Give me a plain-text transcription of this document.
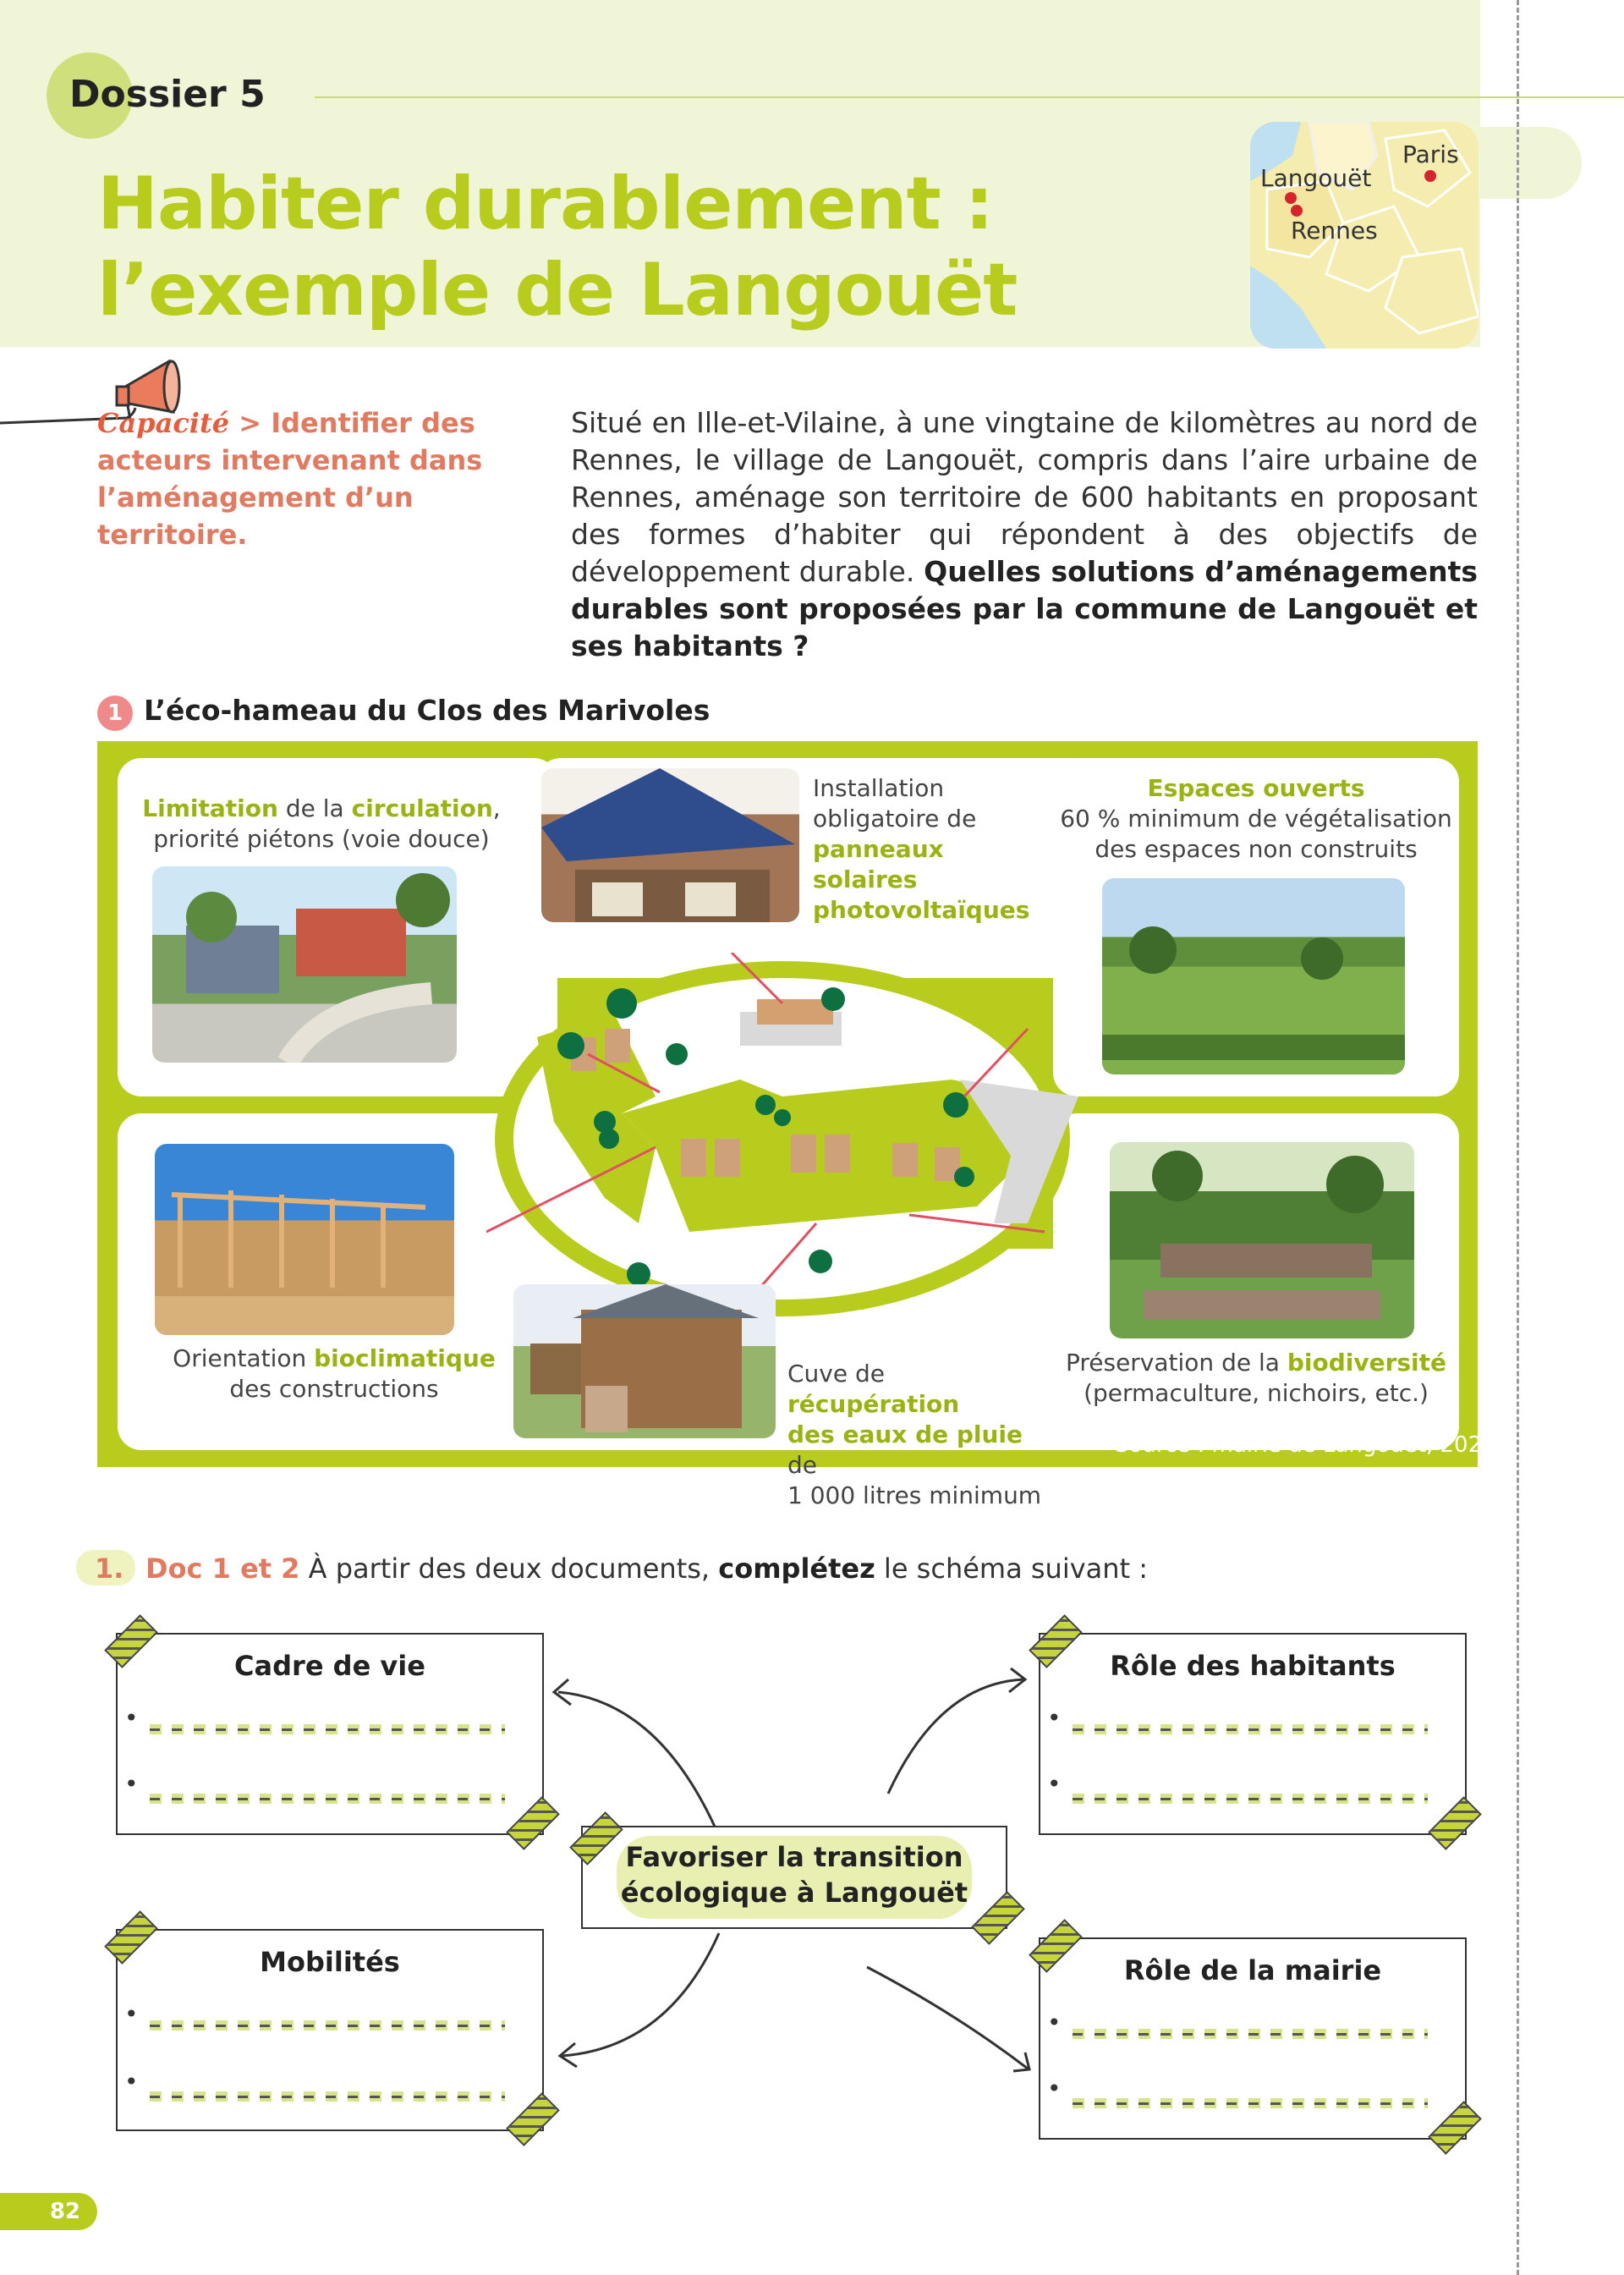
Dossier 5
Habiter durablement :
l’exemple de Langouët
Paris
Langouët
Rennes
Capacité > Identifier des acteurs intervenant dans l’aménagement d’un territoire.
Situé en Ille-et-Vilaine, à une vingtaine de kilomètres au nord de Rennes, le village de Langouët, compris dans l’aire urbaine de Rennes, aménage son territoire de 600 habitants en proposant des formes d’habiter qui répondent à des objectifs de développement durable. Quelles solutions d’aménagements durables sont proposées par la commune de Langouët et ses habitants ?
1 L’éco-hameau du Clos des Marivoles
Limitation de la circulation,
priorité piétons (voie douce)
Installation
obligatoire de
panneaux solaires
photovoltaïques
Espaces ouverts
60 % minimum de végétalisation
des espaces non construits
Orientation bioclimatique
des constructions
Cuve de récupération
des eaux de pluie de
1 000 litres minimum
Préservation de la biodiversité
(permaculture, nichoirs, etc.)
Source : mairie de Langouët, 2020.
1. Doc 1 et 2 À partir des deux documents, complétez le schéma suivant :
Cadre de vie
•
•
Rôle des habitants
•
•
Favoriser la transition
écologique à Langouët
Mobilités
•
•
Rôle de la mairie
•
•
82
